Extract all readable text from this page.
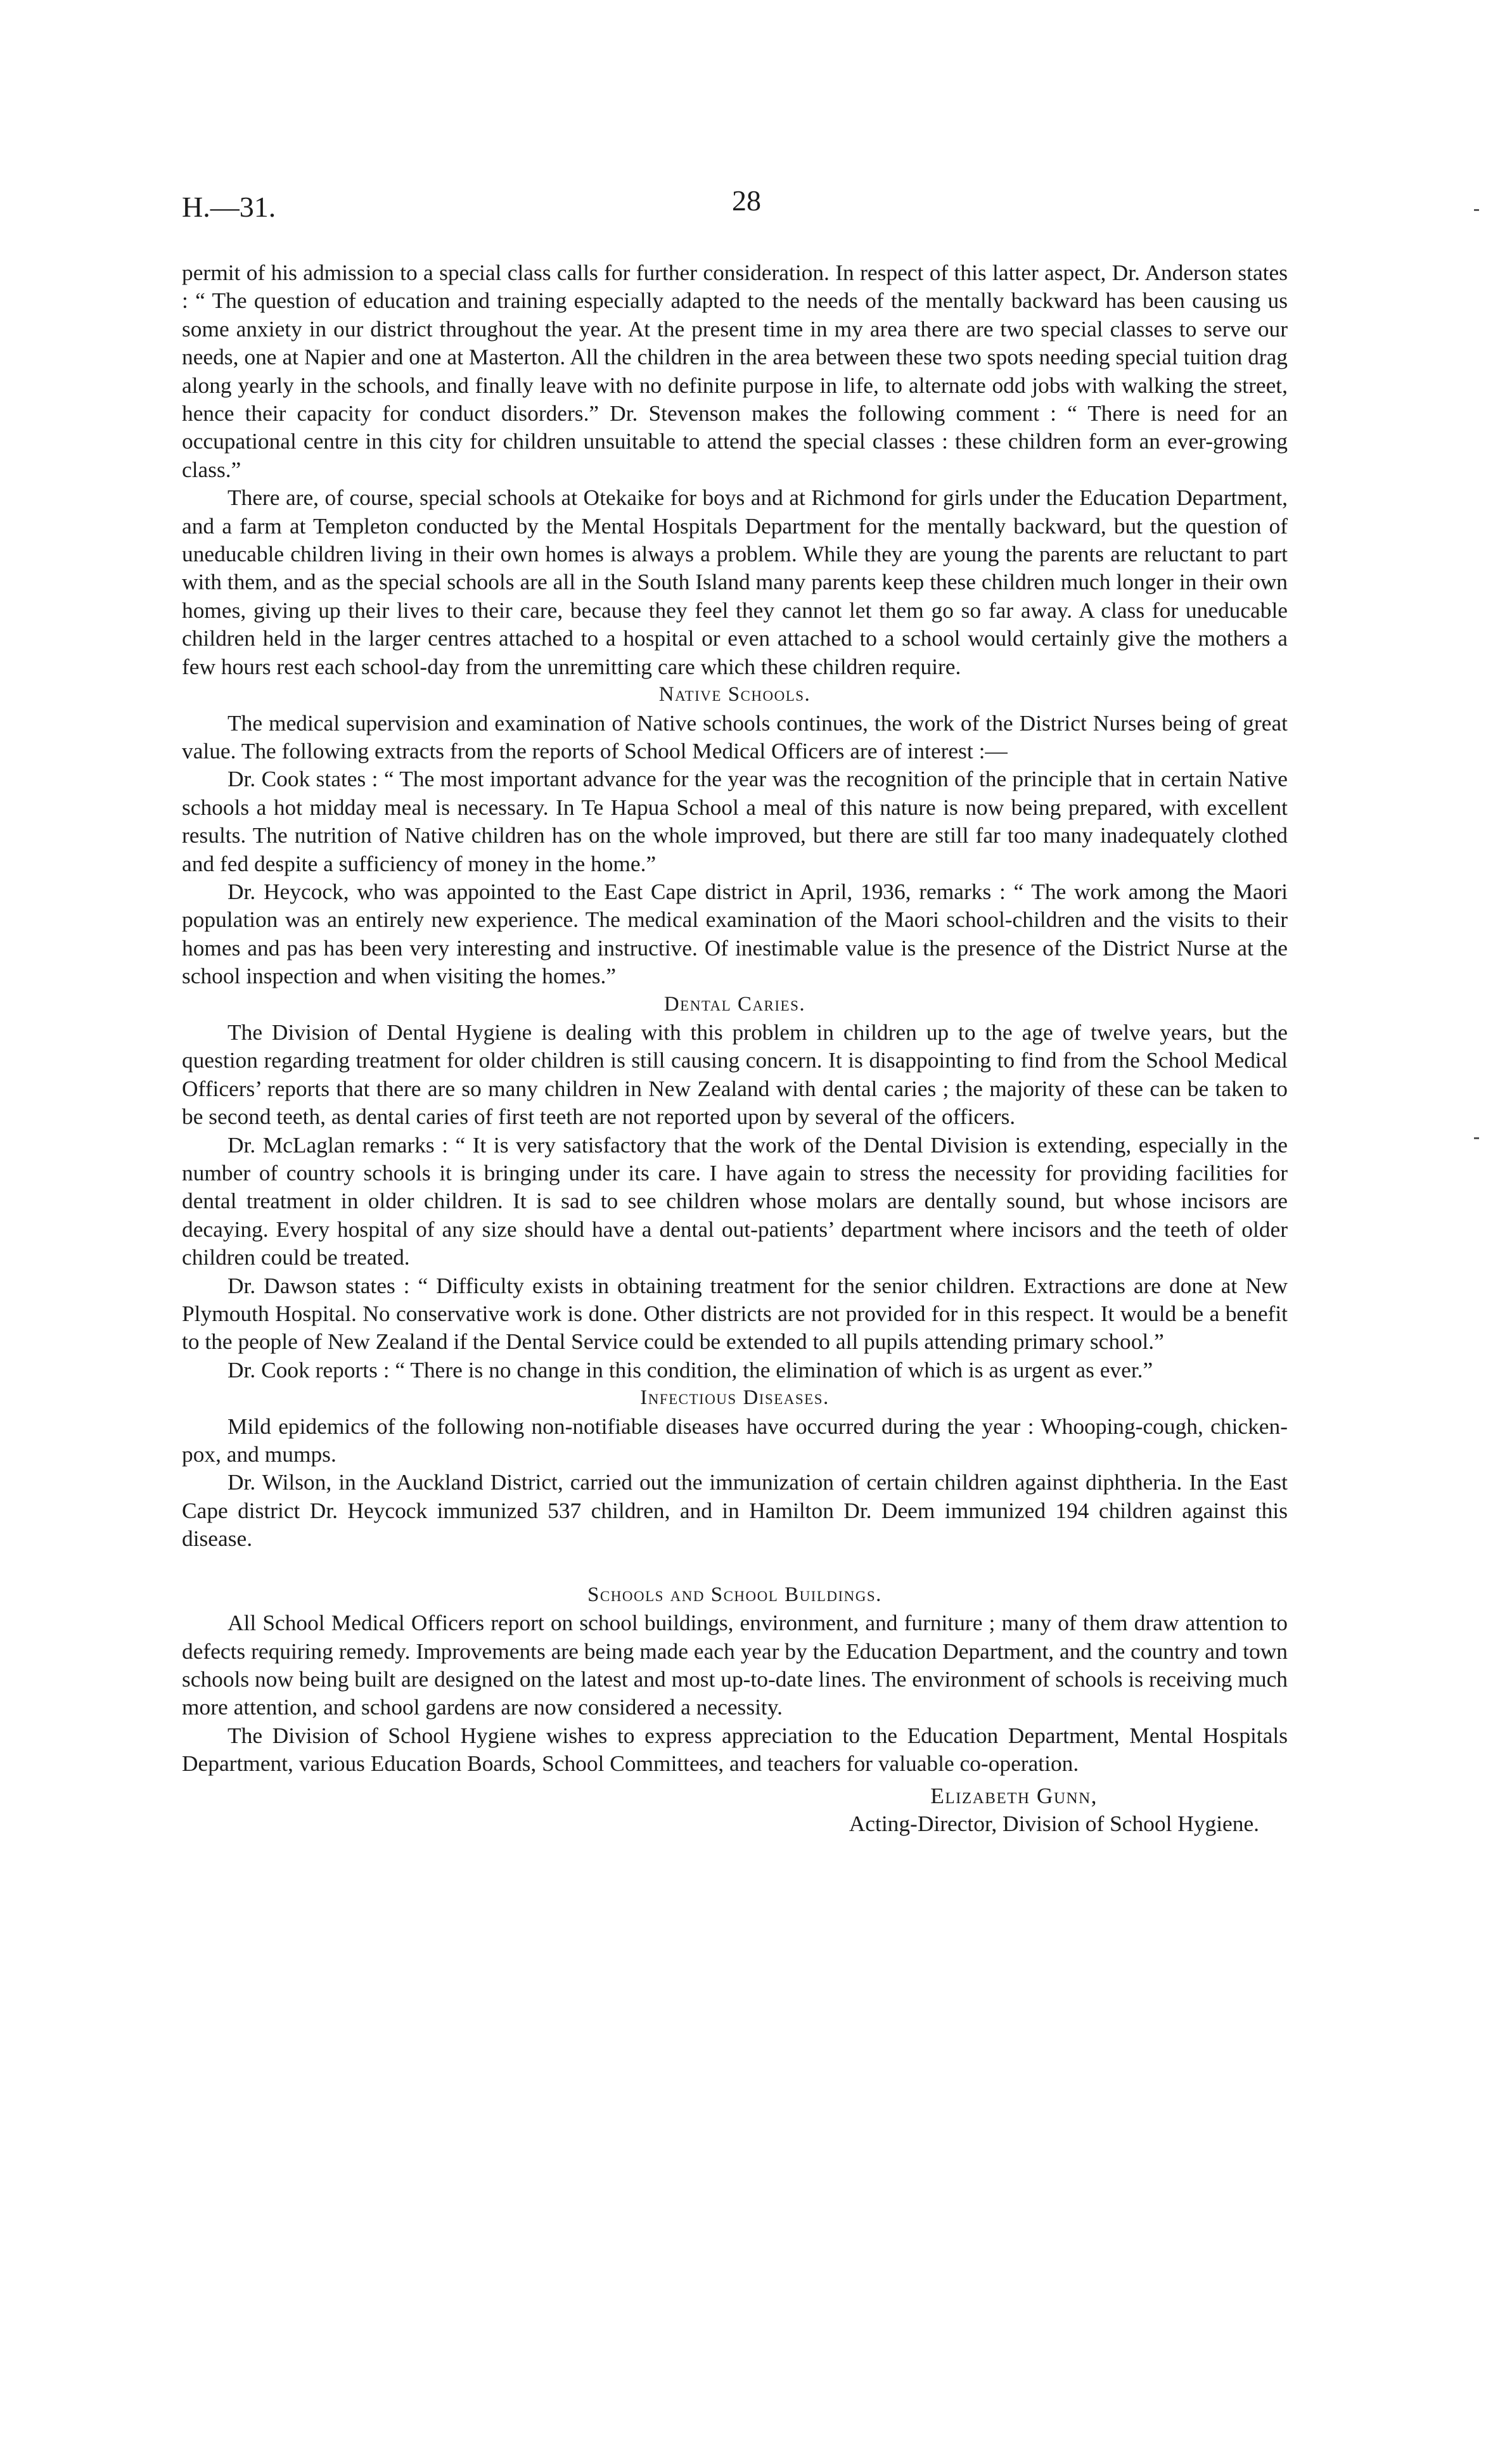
H.—31.	28

permit of his admission to a special class calls for further consideration. In respect of this latter aspect, Dr. Anderson states : “ The question of education and training especially adapted to the needs of the mentally backward has been causing us some anxiety in our district throughout the year. At the present time in my area there are two special classes to serve our needs, one at Napier and one at Masterton. All the children in the area between these two spots needing special tuition drag along yearly in the schools, and finally leave with no definite purpose in life, to alternate odd jobs with walking the street, hence their capacity for conduct disorders.” Dr. Stevenson makes the following comment : “ There is need for an occupational centre in this city for children unsuitable to attend the special classes : these children form an ever-growing class.”

There are, of course, special schools at Otekaike for boys and at Richmond for girls under the Education Department, and a farm at Templeton conducted by the Mental Hospitals Department for the mentally backward, but the question of uneducable children living in their own homes is always a problem. While they are young the parents are reluctant to part with them, and as the special schools are all in the South Island many parents keep these children much longer in their own homes, giving up their lives to their care, because they feel they cannot let them go so far away. A class for uneducable children held in the larger centres attached to a hospital or even attached to a school would certainly give the mothers a few hours rest each school-day from the unremitting care which these children require.

Native Schools.

The medical supervision and examination of Native schools continues, the work of the District Nurses being of great value. The following extracts from the reports of School Medical Officers are of interest :—

Dr. Cook states : “ The most important advance for the year was the recognition of the principle that in certain Native schools a hot midday meal is necessary. In Te Hapua School a meal of this nature is now being prepared, with excellent results. The nutrition of Native children has on the whole improved, but there are still far too many inadequately clothed and fed despite a sufficiency of money in the home.”

Dr. Heycock, who was appointed to the East Cape district in April, 1936, remarks : “ The work among the Maori population was an entirely new experience. The medical examination of the Maori school-children and the visits to their homes and pas has been very interesting and instructive. Of inestimable value is the presence of the District Nurse at the school inspection and when visiting the homes.”

Dental Caries.

The Division of Dental Hygiene is dealing with this problem in children up to the age of twelve years, but the question regarding treatment for older children is still causing concern. It is disappointing to find from the School Medical Officers’ reports that there are so many children in New Zealand with dental caries ; the majority of these can be taken to be second teeth, as dental caries of first teeth are not reported upon by several of the officers.

Dr. McLaglan remarks : “ It is very satisfactory that the work of the Dental Division is extending, especially in the number of country schools it is bringing under its care. I have again to stress the necessity for providing facilities for dental treatment in older children. It is sad to see children whose molars are dentally sound, but whose incisors are decaying. Every hospital of any size should have a dental out-patients’ department where incisors and the teeth of older children could be treated.

Dr. Dawson states : “ Difficulty exists in obtaining treatment for the senior children. Extractions are done at New Plymouth Hospital. No conservative work is done. Other districts are not provided for in this respect. It would be a benefit to the people of New Zealand if the Dental Service could be extended to all pupils attending primary school.”

Dr. Cook reports : “ There is no change in this condition, the elimination of which is as urgent as ever.”

Infectious Diseases.

Mild epidemics of the following non-notifiable diseases have occurred during the year : Whooping-cough, chicken-pox, and mumps.

Dr. Wilson, in the Auckland District, carried out the immunization of certain children against diphtheria. In the East Cape district Dr. Heycock immunized 537 children, and in Hamilton Dr. Deem immunized 194 children against this disease.

Schools and School Buildings.

All School Medical Officers report on school buildings, environment, and furniture ; many of them draw attention to defects requiring remedy. Improvements are being made each year by the Education Department, and the country and town schools now being built are designed on the latest and most up-to-date lines. The environment of schools is receiving much more attention, and school gardens are now considered a necessity.

The Division of School Hygiene wishes to express appreciation to the Education Department, Mental Hospitals Department, various Education Boards, School Committees, and teachers for valuable co-operation.

Elizabeth Gunn,
Acting-Director, Division of School Hygiene.
